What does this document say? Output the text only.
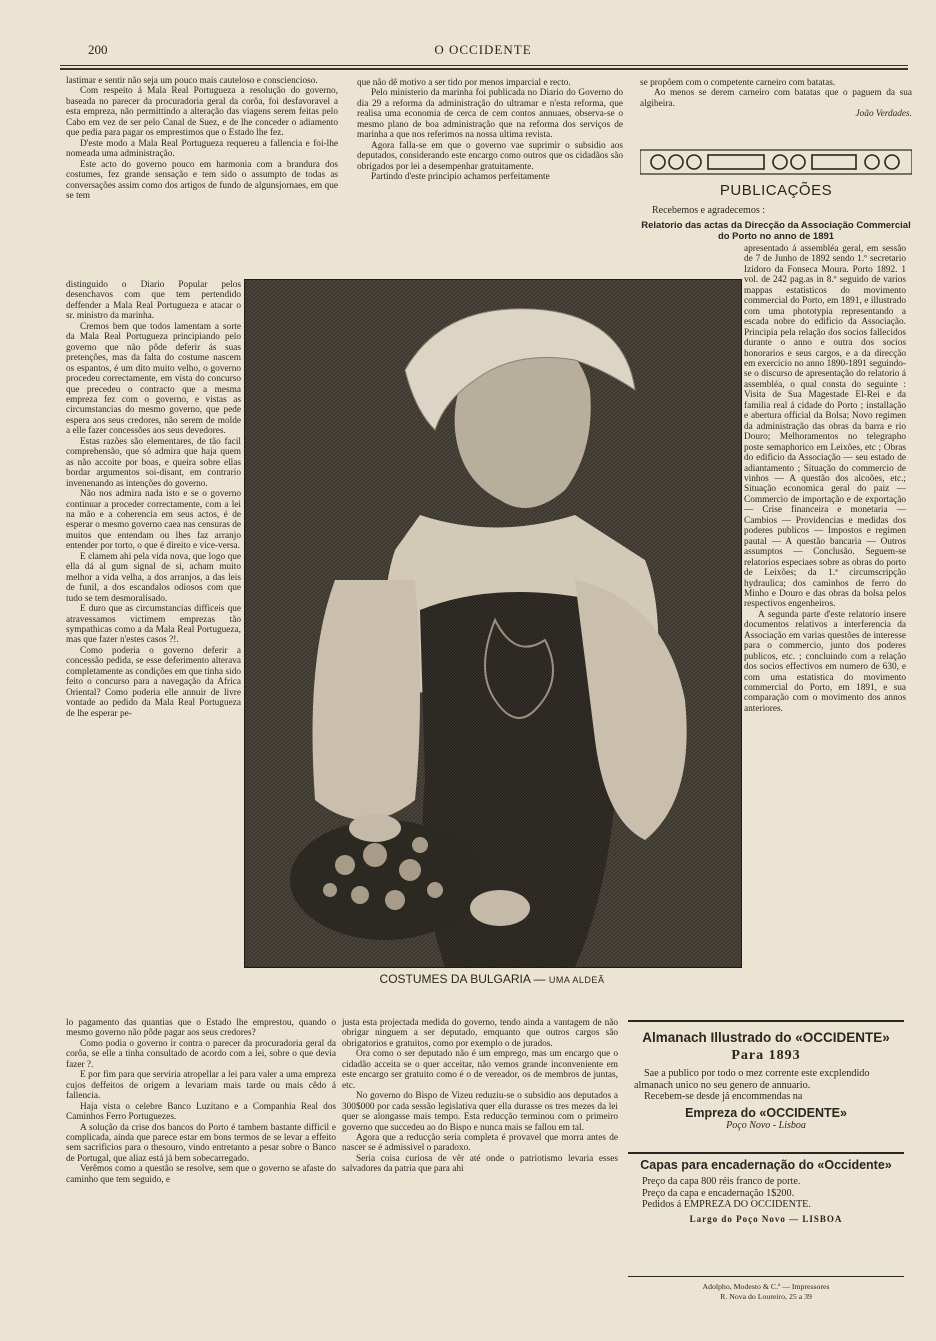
200	O OCCIDENTE

lastimar e sentir não seja um pouco mais cauteloso e consciencioso.

Com respeito á Mala Real Portugueza a resolução do governo, baseada no parecer da procuradoria geral da corôa, foi desfavoravel a esta empreza, não permittindo a alteração das viagens serem feitas pelo Cabo em vez de ser pelo Canal de Suez, e de lhe conceder o adiamento que pedia para pagar os emprestimos que o Estado lhe fez.

D'este modo a Mala Real Portugueza requereu a fallencia e foi-lhe nomeada uma administração.

Este acto do governo pouco em harmonia com a brandura dos costumes, fez grande sensação e tem sido o assumpto de todas as conversações assim como dos artigos de fundo de algunsjornaes, em que se tem

distinguido o Diario Popular pelos desenchavos com que tem pertendido deffender a Mala Real Portugueza e atacar o sr. ministro da marinha.

Cremos bem que todos lamentam a sorte da Mala Real Portugueza principiando pelo governo que não pôde deferir ás suas pretenções, mas da falta do costume nascem os espantos, é um dito muito velho, o governo procedeu correctamente, em vista do concurso que precedeu o contracto que a mesma empreza fez com o governo, e vistas as circumstancias do mesmo governo, que pede espera aos seus credores, não serem de molde a elle fazer concessões aos seus devedores.

Estas razões são elementares, de tão facil comprehensão, que só admira que haja quem as não accoite por boas, e queira sobre ellas bordar argumentos soi-disant, em contrario invenenando as intenções do governo.

Não nos admira nada isto e se o governo continuar a proceder correctamente, com a lei na mão e a coherencia em seus actos, é de esperar o mesmo governo caea nas censuras de muitos que entendam ou lhes faz arranjo entender por torto, o que é direito e vice-versa.

E clamem ahi pela vida nova, que logo que ella dá al gum signal de si, acham muito melhor a vida velha, a dos arranjos, a das leis de funil, a dos escandalos odiosos com que tudo se tem desmoralisado.

E duro que as circumstancias difficeis que atravessamos victimem emprezas tão sympathicas como a da Mala Real Portugueza, mas que fazer n'estes casos ?!.

Como poderia o governo deferir a concessão pedida, se esse deferimento alterava completamente as condições em que tinha sido feito o concurso para a navegação da Africa Oriental? Como poderia elle annuir de livre vontade ao pedido da Mala Real Portugueza de lhe esperar pe-

lo pagamento das quantias que o Estado lhe emprestou, quando o mesmo governo não pôde pagar aos seus credores?

Como podia o governo ir contra o parecer da procuradoria geral da corôa, se elle a tinha consultado de acordo com a lei, sobre o que devia fazer ?.

E por fim para que serviria atropellar a lei para valer a uma empreza cujos deffeitos de origem a levariam mais tarde ou mais cêdo á fallencia.

Haja vista o celebre Banco Luzitano e a Companhia Real dos Caminhos Ferro Portuguezes.

A solução da crise dos bancos do Porto é tambem bastante difficil e complicada, ainda que parece estar em bons termos de se levar a effeito sem sacrificios para o thesouro, vindo entretanto a pesar sobre o Banco de Portugal, que aliaz está já bem sobecarregado.

Verêmos como a questão se resolve, sem que o governo se afaste do caminho que tem seguido, e

que não dê motivo a ser tido por menos imparcial e recto.

Pelo ministerio da marinha foi publicada no Diario do Governo do dia 29 a reforma da administração do ultramar e n'esta reforma, que realisa uma economia de cerca de cem contos annuaes, observa-se o mesmo plano de boa administração que na reforma dos serviços de marinha a que nos referimos na nossa ultima revista.

Agora falla-se em que o governo vae suprimir o subsidio aos deputados, considerando este encargo como outros que os cidadãos são obrigados por lei a desempenhar gratuitamente.

Partindo d'este principio achamos perfeitamente

justa esta projectada medida do governo, tendo ainda a vantagem de não obrigar ninguem a ser deputado, emquanto que outros cargos são obrigatorios e gratuitos, como por exemplo o de jurados.

Ora como o ser deputado não é um emprego, mas um encargo que o cidadão acceita se o quer acceitar, não vemos grande inconveniente em este encargo ser gratuito como é o de vereador, os de membros de juntas, etc.

No governo do Bispo de Vizeu reduziu-se o subsidio aos deputados a 300$000 por cada sessão legislativa quer ella durasse os tres mezes da lei quer se alongasse mais tempo. Esta reducção terminou com o primeiro governo que succedeu ao do Bispo e nunca mais se fallou em tal.

Agora que a reducção seria completa é provavel que morra antes de nascer se é admissivel o paradoxo.

Seria coisa curiosa de vêr até onde o patriotismo levaria esses salvadores da patria que para ahi

se propõem com o competente carneiro com batatas.

Ao menos se derem carneiro com batatas que o paguem da sua algibeira.

João Verdades.

PUBLICAÇÕES
Recebemos e agradecemos :
Relatorio das actas da Direcção da Associação Commercial do Porto no anno de 1891

apresentado á assembléa geral, em sessão de 7 de Junho de 1892 sendo 1.º secretario Izidoro da Fonseca Moura. Porto 1892. 1 vol. de 242 pag.as in 8.º seguido de varios mappas estatisticos do movimento commercial do Porto, em 1891, e illustrado com uma phototypia representando a escada nobre do edificio da Associação. Principia pela relação dos socios fallecidos durante o anno e outra dos socios honorarios e seus cargos, e a da direcção em exercicio no anno 1890-1891 seguindo-se o discurso de apresentação do relatorio á assembléa, o qual consta do seguinte : Visita de Sua Magestade El-Rei e da familia real á cidade do Porto ; installação e abertura official da Bolsa; Novo regimen da administração das obras da barra e rio Douro; Melhoramentos no telegrapho poste semaphorico em Leixões, etc ; Obras do edificio da Associação — seu estado de adiantamento ; Situação do commercio de vinhos — A questão dos alcoões, etc.; Situação economica geral do paiz — Commercio de importação e de exportação — Crise financeira e monetaria — Cambios — Providencias e medidas dos poderes publicos — Impostos e regimen pautal — A questão bancaria — Outros assumptos — Conclusão. Seguem-se relatorios especiaes sobre as obras do porto de Leixões; da 1.ª circumscripção hydraulica; dos caminhos de ferro do Minho e Douro e das obras da bolsa pelos respectivos engenheiros.

A segunda parte d'este relatorio insere documentos relativos a interferencia da Associação em varias questões de interesse para o commercio, junto dos poderes publicos, etc. ; concluindo com a relação dos socios effectivos em numero de 630, e com uma estatistica do movimento commercial do Porto, em 1891, e sua comparação com o movimento dos annos anteriores.

COSTUMES DA BULGARIA — UMA ALDEÃ
Almanach Illustrado do «OCCIDENTE»
Para 1893
Sae a publico por todo o mez corrente este excplendido almanach unico no seu genero de annuario.
Recebem-se desde já encommendas na
Empreza do «OCCIDENTE»
Poço Novo - Lisboa
Capas para encadernação do «Occidente»
Preço da capa 800 réis franco de porte.
Preço da capa e encadernação 1$200.
Pedidos á EMPREZA DO OCCIDENTE.
Largo do Poço Novo — LISBOA
Adolpho, Modesto & C.ª — Impressores
R. Nova do Loureiro, 25 a 39
